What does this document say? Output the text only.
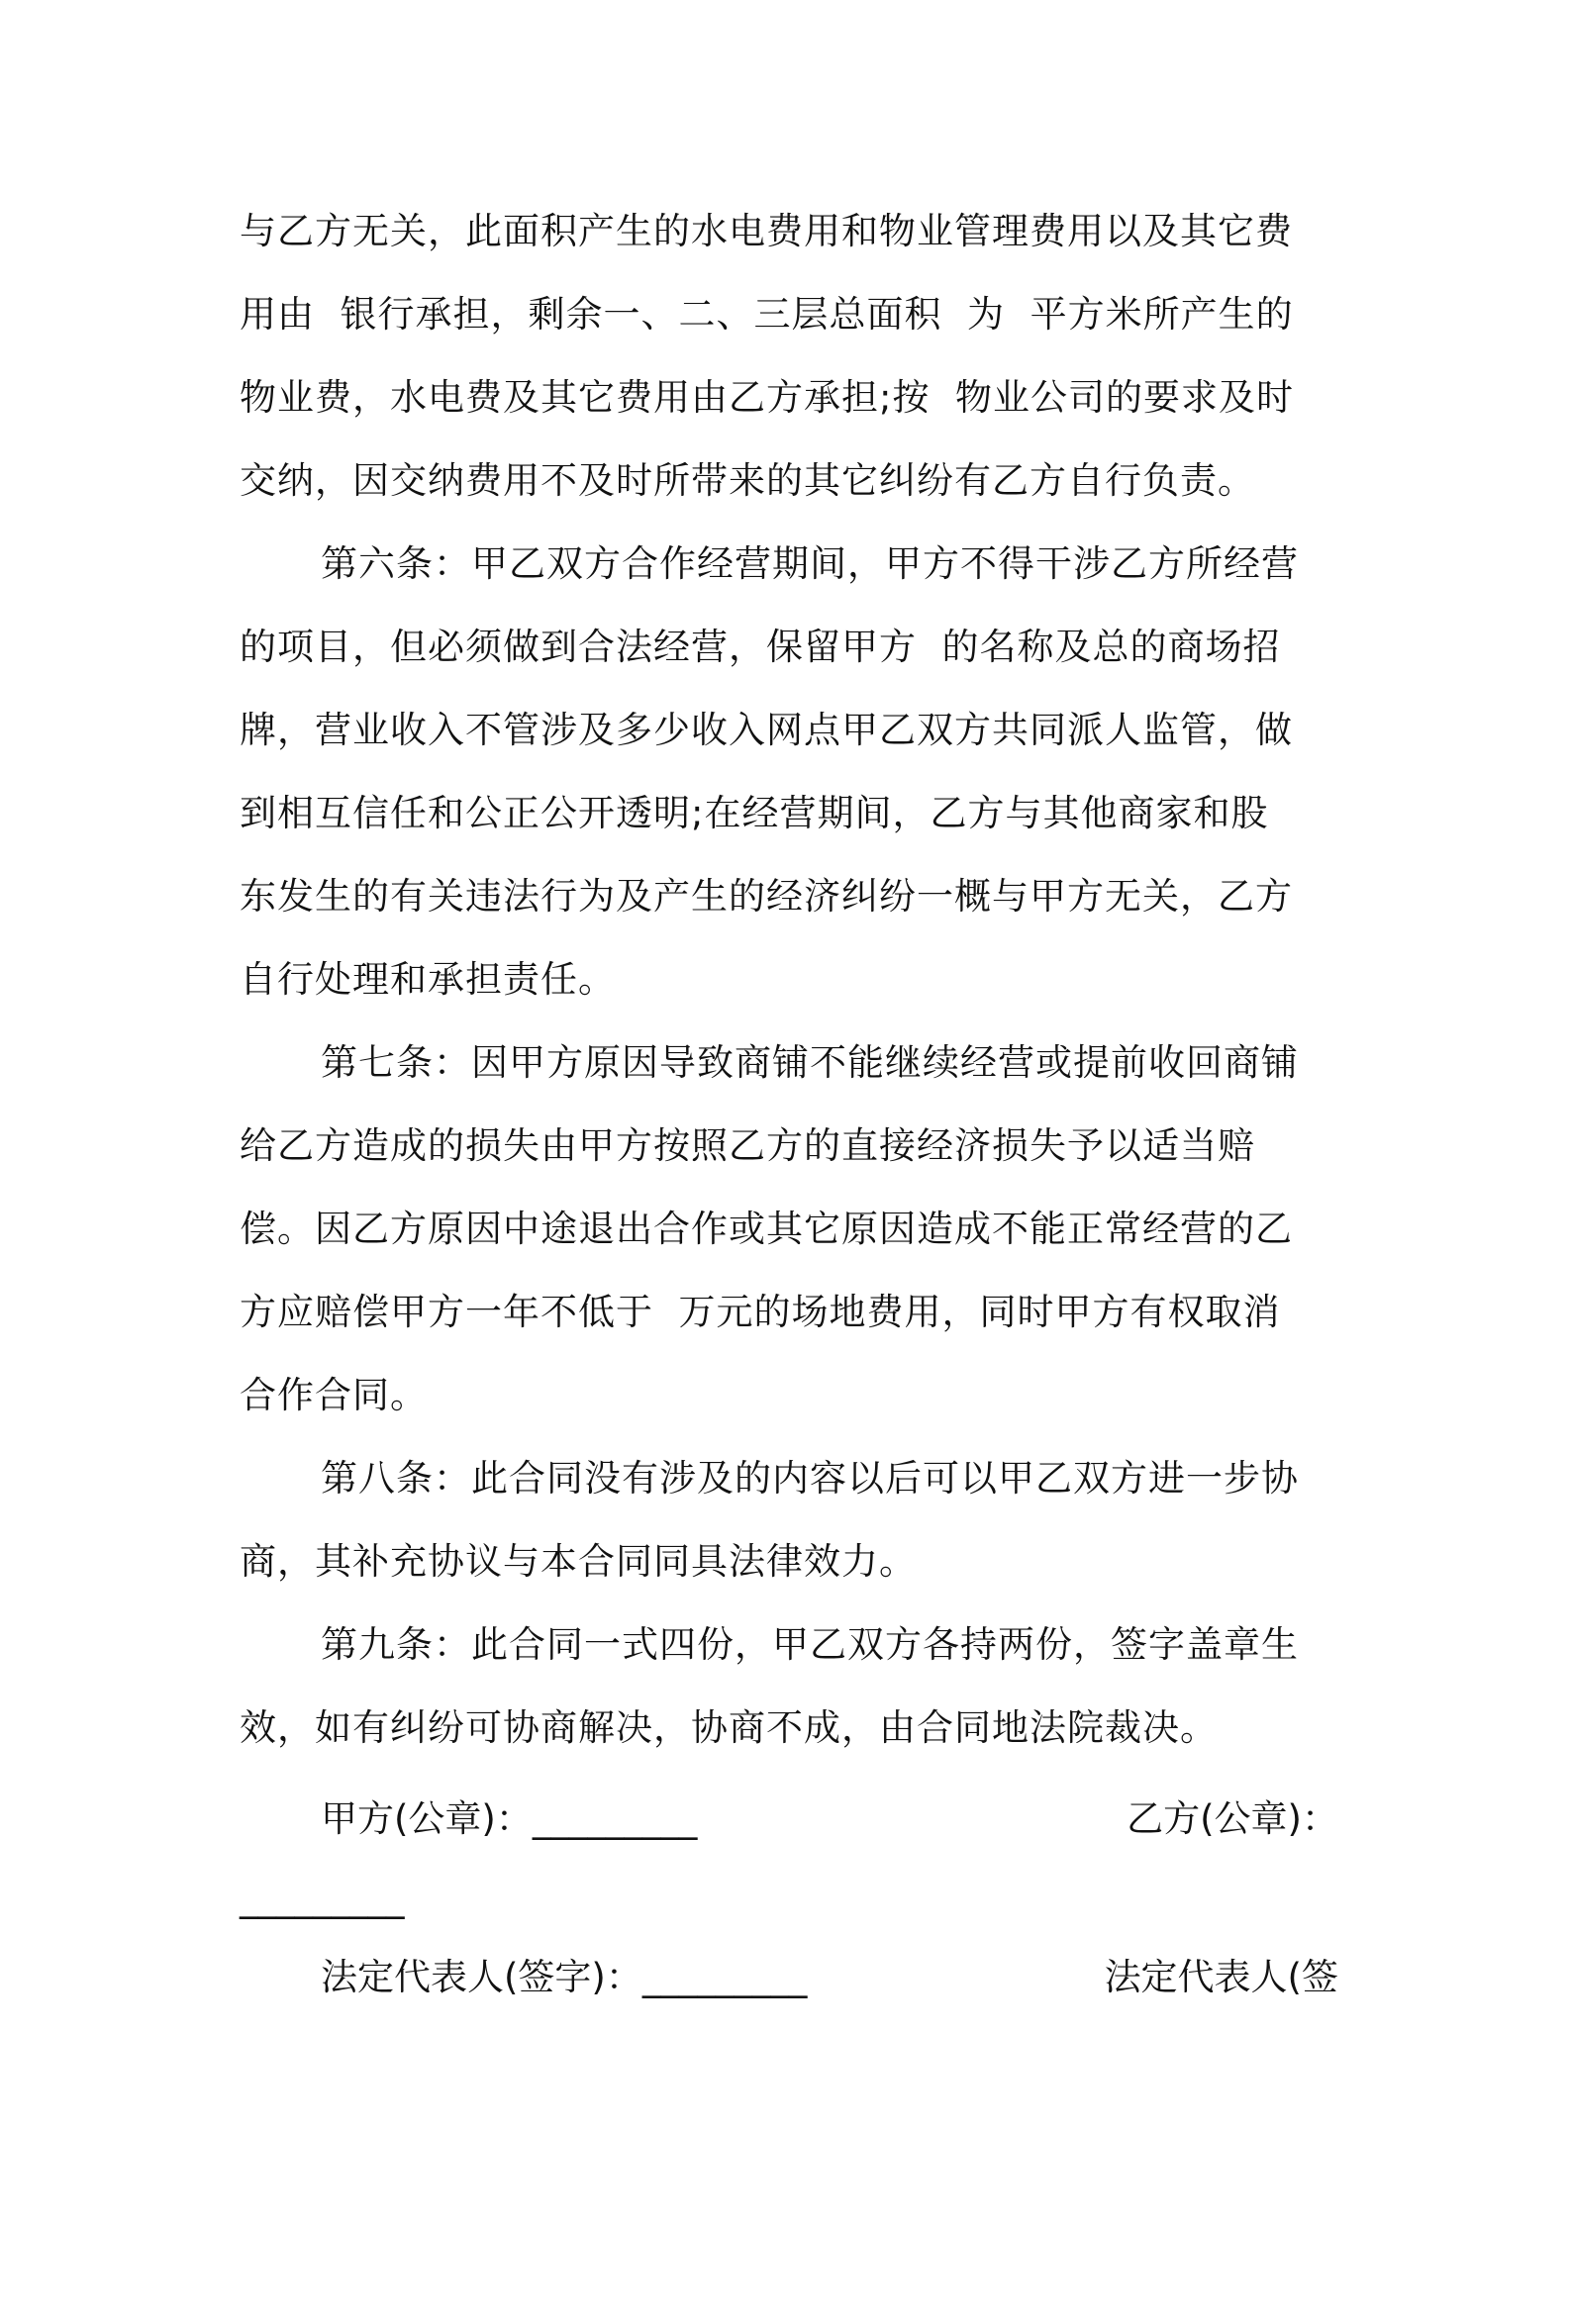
与乙方无关，此面积产生的水电费用和物业管理费用以及其它费
用由  银行承担，剩余一、二、三层总面积  为  平方米所产生的
物业费，水电费及其它费用由乙方承担;按  物业公司的要求及时
交纳，因交纳费用不及时所带来的其它纠纷有乙方自行负责。
第六条：甲乙双方合作经营期间，甲方不得干涉乙方所经营
的项目，但必须做到合法经营，保留甲方  的名称及总的商场招
牌，营业收入不管涉及多少收入网点甲乙双方共同派人监管，做
到相互信任和公正公开透明;在经营期间，乙方与其他商家和股
东发生的有关违法行为及产生的经济纠纷一概与甲方无关，乙方
自行处理和承担责任。
第七条：因甲方原因导致商铺不能继续经营或提前收回商铺
给乙方造成的损失由甲方按照乙方的直接经济损失予以适当赔
偿。因乙方原因中途退出合作或其它原因造成不能正常经营的乙
方应赔偿甲方一年不低于  万元的场地费用，同时甲方有权取消
合作合同。
第八条：此合同没有涉及的内容以后可以甲乙双方进一步协
商，其补充协议与本合同同具法律效力。
第九条：此合同一式四份，甲乙双方各持两份，签字盖章生
效，如有纠纷可协商解决，协商不成，由合同地法院裁决。

甲方(公章)：_________

	乙方(公章)：

_________

法定代表人(签字)：_________

	法定代表人(签
